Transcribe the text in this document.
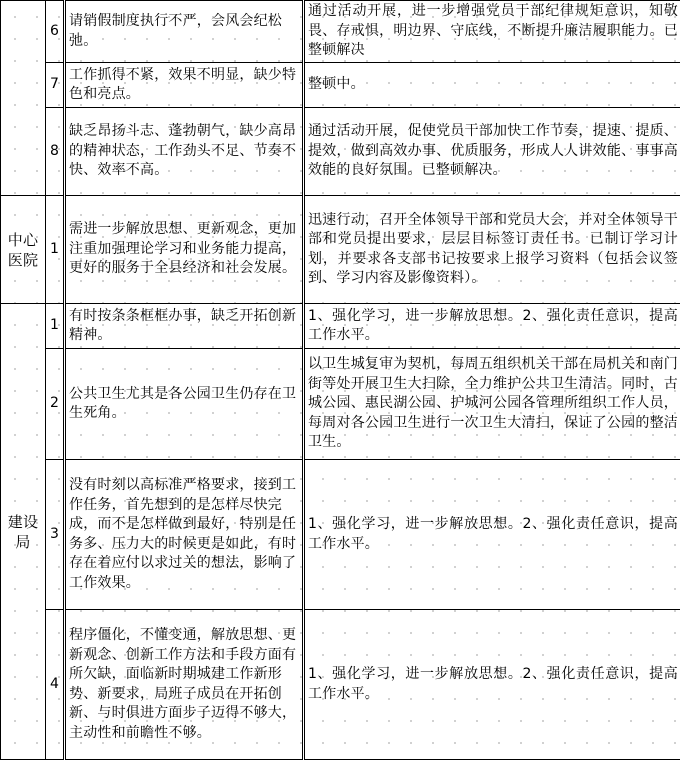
	6	请销假制度执行不严，会风会纪松弛。	通过活动开展，进一步增强党员干部纪律规矩意识，知敬畏、存戒惧，明边界、守底线，不断提升廉洁履职能力。已整顿解决
	7	工作抓得不紧，效果不明显，缺少特色和亮点。	整顿中。
	8	缺乏昂扬斗志、蓬勃朝气，缺少高昂的精神状态，工作劲头不足、节奏不快、效率不高。	通过活动开展，促使党员干部加快工作节奏，提速、提质、提效，做到高效办事、优质服务，形成人人讲效能、事事高效能的良好氛围。已整顿解决。
中心医院	1	需进一步解放思想、更新观念，更加注重加强理论学习和业务能力提高，更好的服务于全县经济和社会发展。	迅速行动，召开全体领导干部和党员大会，并对全体领导干部和党员提出要求，层层目标签订责任书。已制订学习计划，并要求各支部书记按要求上报学习资料（包括会议签到、学习内容及影像资料）。
建设局	1	有时按条条框框办事，缺乏开拓创新精神。	1、强化学习，进一步解放思想。2、强化责任意识，提高工作水平。
	2	公共卫生尤其是各公园卫生仍存在卫生死角。	以卫生城复审为契机，每周五组织机关干部在局机关和南门街等处开展卫生大扫除，全力维护公共卫生清洁。同时，古城公园、惠民湖公园、护城河公园各管理所组织工作人员，每周对各公园卫生进行一次卫生大清扫，保证了公园的整洁卫生。
	3	没有时刻以高标准严格要求，接到工作任务，首先想到的是怎样尽快完成，而不是怎样做到最好，特别是任务多、压力大的时候更是如此，有时存在着应付以求过关的想法，影响了工作效果。	1、强化学习，进一步解放思想。2、强化责任意识，提高工作水平。
	4	程序僵化，不懂变通，解放思想、更新观念、创新工作方法和手段方面有所欠缺，面临新时期城建工作新形势、新要求，局班子成员在开拓创新、与时俱进方面步子迈得不够大，主动性和前瞻性不够。	1、强化学习，进一步解放思想。2、强化责任意识，提高工作水平。
